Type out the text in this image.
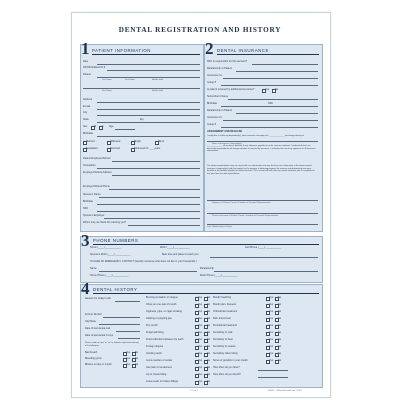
DENTAL REGISTRATION AND HISTORY
1 PATIENT INFORMATION	2 DENTAL INSURANCE
3 PHONE NUMBERS
4 DENTAL HISTORY
Date
SS/HIC/Patient ID #
Patient
Address
E-mail
City
State
Birthdate
Patient Employer/School
Occupation
Employer/School Address
Employer/School Phone
Spouse's Name
Birthdate
SS#
Spouse's Employer
Whom may we thank for referring you?
Last Name	First Name	Middle Initial
First Name	Middle Initial
Zip
Sex	M F Age
Married	Widowed	Single	Minor
Separated	Divorced	Partnered for ___ years
Who is responsible for this account?
Relationship to Patient
Insurance Co.
Group #
Is patient covered by additional insurance?	Yes No
Subscriber's Name
Birthdate
Relationship to Patient
Insurance Co.
Group #
SS#
ASSIGNMENT AND RELEASE
I certify that I, and/or my dependent(s), have insurance coverage with ______________ and assign directly to
______________ all insurance benefits, if any, otherwise payable to me for services rendered. I understand that I am financially responsible for all charges whether or not paid by insurance. I authorize the use of my signature on all insurance submissions.
The above-named dentist may use my health care information and may disclose such information to the above-named insurance company(ies) and their agents for the purpose of obtaining payment for services and determining insurance benefits or the benefits payable for related services. This consent will end when my current treatment plan is completed or one year from the date signed below.
Name of Insurance Company(ies)
Signature of Patient, Parent, Guardian or Personal Representative
Please print name of Patient, Parent, Guardian or Personal Representative
Relationship to Patient
Date
Home (____) ___________	Work (____) ___________	Cell Phone (____) ___________
Spouse's Work (____) ___________	Best time and place to reach you
IN CASE OF EMERGENCY, CONTACT (Specify someone who does not live in your household.)
Name	Relationship
Home Phone (____) ___________	Work Phone (____) ___________
Reason for today's visit
Former Dentist
City/State
Date of last dental visit
Date of last dental X-rays
Place a mark on "yes" or "no" to indicate if you have had any of the following:
Bad breath	Yes No
Bleeding gums	Yes No
Blisters on lips or mouth	Yes No
Burning sensation on tongue	Yes No
Chew on one side of mouth	Yes No
Cigarette, pipe, or cigar smoking	Yes No
Clicking or popping jaw	Yes No
Dry mouth	Yes No
Fingernail biting	Yes No
Food collection between the teeth	Yes No
Foreign objects	Yes No
Grinding teeth	Yes No
Gums swollen or tender	Yes No
Jaw pain or tenderness	Yes No
Lip or cheek biting	Yes No
Loose teeth or broken fillings	Yes No
Mouth breathing	Yes No
Mouth pain, frequent	Yes No
Orthodontic treatment	Yes No
Pain around ear	Yes No
Periodontal treatment	Yes No
Sensitivity to cold	Yes No
Sensitivity to heat	Yes No
Sensitivity to sweets	Yes No
Sensitivity when biting	Yes No
Sores or growths in your mouth	Yes No
How often do you floss?
How often do you brush?
1 2 3 4 5	24000 — Whitehall Dental Lab ©2013
